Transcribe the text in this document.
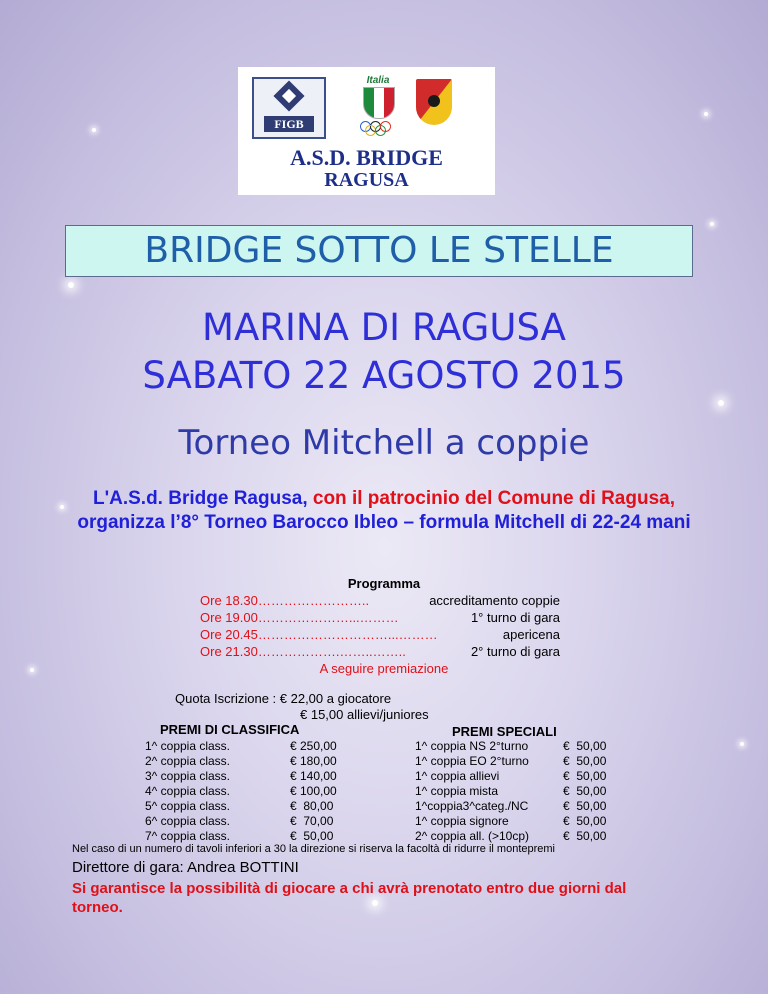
FIGB
Italia
A.S.D. BRIDGE
RAGUSA
BRIDGE SOTTO LE STELLE
MARINA DI RAGUSA
SABATO 22 AGOSTO 2015
Torneo Mitchell a coppie
L'A.S.d. Bridge Ragusa, con il patrocinio del Comune di Ragusa, organizza l’8° Torneo Barocco Ibleo – formula Mitchell di 22-24 mani
Programma
Ore 18.30 ……………………..	accreditamento coppie
Ore 19.00 …………………...………	1° turno di gara
Ore 20.45 …………………………...………	apericena
Ore 21.30 ……………….……..……..	2° turno di gara
A seguire premiazione
Quota Iscrizione : € 22,00 a giocatore
€ 15,00 allievi/juniores
PREMI DI CLASSIFICA	PREMI SPECIALI
1^ coppia class.	€ 250,00
2^ coppia class.	€ 180,00
3^ coppia class.	€ 140,00
4^ coppia class.	€ 100,00
5^ coppia class.	€  80,00
6^ coppia class.	€  70,00
7^ coppia class.	€  50,00
1^ coppia NS 2°turno	€  50,00
1^ coppia EO 2°turno	€  50,00
1^ coppia allievi	€  50,00
1^ coppia mista	€  50,00
1^coppia3^categ./NC	€  50,00
1^ coppia signore	€  50,00
2^ coppia all. (>10cp)	€  50,00
Nel caso di un numero di tavoli inferiori a 30 la direzione si riserva la facoltà di ridurre il montepremi
Direttore di gara: Andrea BOTTINI
Si garantisce la possibilità di giocare a chi avrà prenotato entro due giorni dal torneo.
